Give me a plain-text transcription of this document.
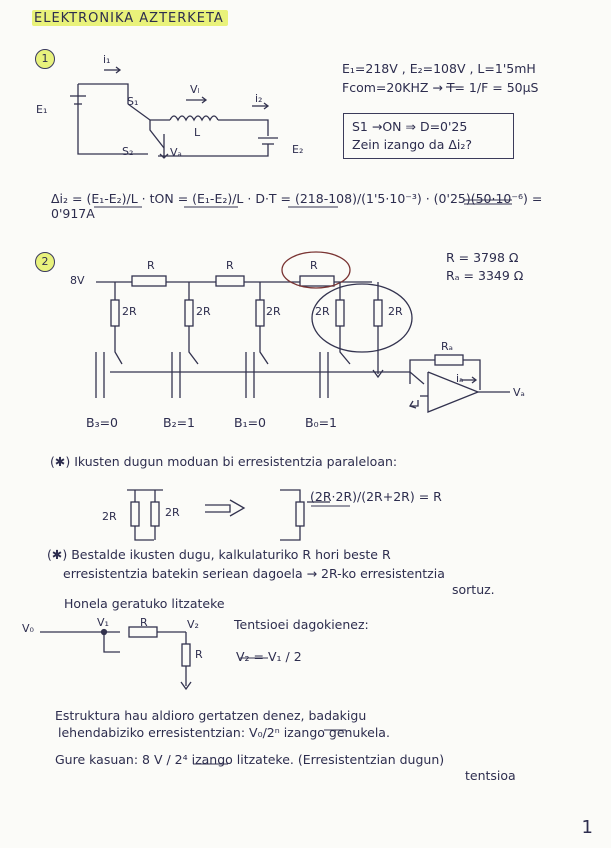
ELEKTRONIKA AZTERKETA
1
E₁
i₁
S₁
Vₗ
i₂
L
S₂	Vₐ	E₂
E₁=218V , E₂=108V , L=1'5mH
Fcom=20KHZ → T= 1/F = 50μS
S1 →ON ⇒ D=0'25
Zein izango da Δi₂?
Δi₂ = (E₁-E₂)/L · tON = (E₁-E₂)/L · D·T = (218-108)/(1'5·10⁻³) · (0'25)(50·10⁻⁶) = 0'917A
2
8V
R	R	R
2R	2R	2R	2R	2R
Rₐ
iₐ
Vₐ
R = 3798 Ω
Rₐ = 3349 Ω
B₃=0	B₂=1	B₁=0	B₀=1
(✱) Ikusten dugun moduan bi erresistentzia paraleloan:
2R	2R
(2R·2R)/(2R+2R) = R
(✱) Bestalde ikusten dugu, kalkulaturiko R hori beste R
erresistentzia batekin seriean dagoela → 2R-ko erresistentzia
sortuz.
Honela geratuko litzateke
V₀	V₁	R	V₂
R
Tentsioei dagokienez:
V₂ = V₁ / 2
Estruktura hau aldioro gertatzen denez, badakigu
lehendabiziko erresistentzian: V₀/2ⁿ izango genukela.
Gure kasuan: 8 V / 2⁴ izango litzateke. (Erresistentzian dugun)
tentsioa
1
